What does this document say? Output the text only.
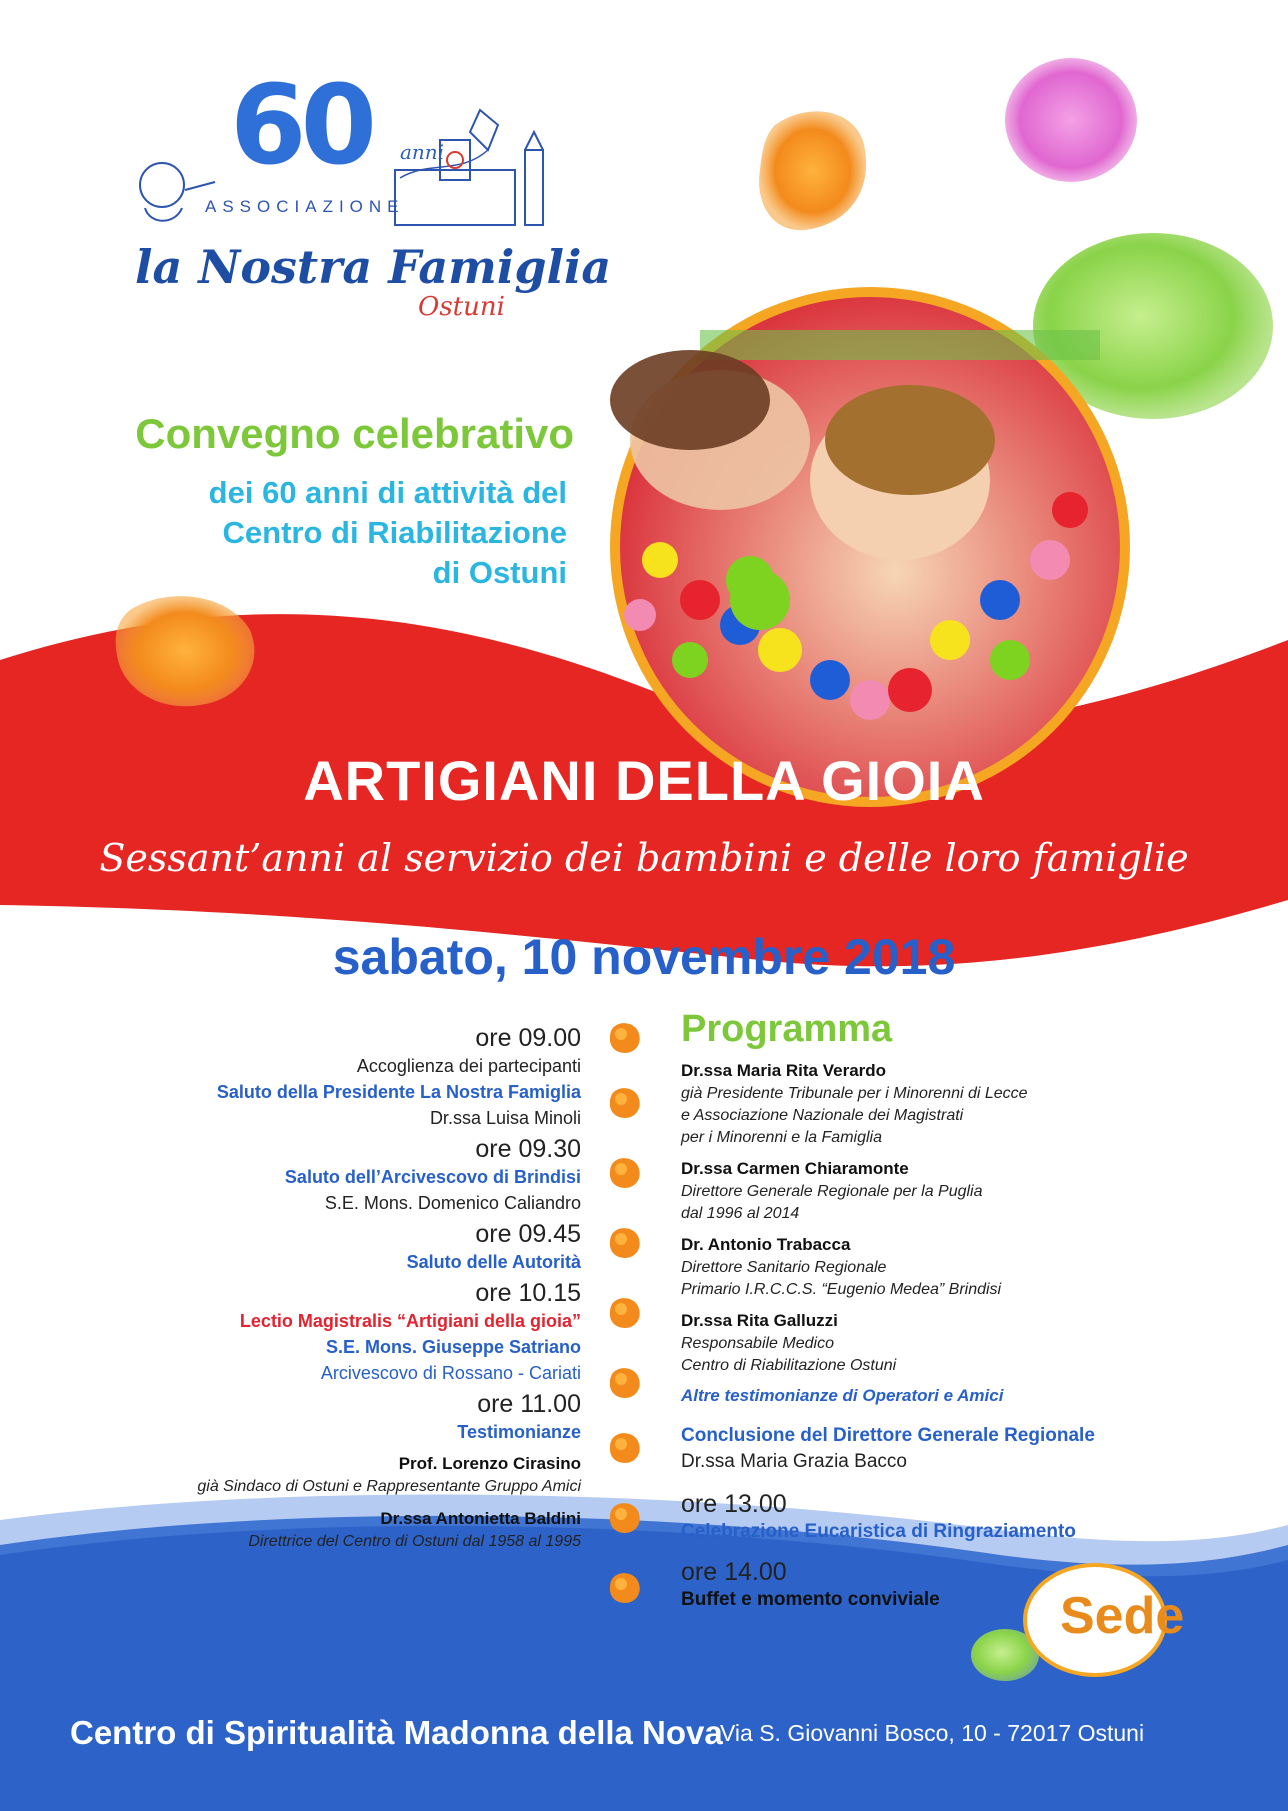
60 anni
ASSOCIAZIONE
la Nostra Famiglia
Ostuni
Convegno celebrativo
dei 60 anni di attività del
Centro di Riabilitazione
di Ostuni
ARTIGIANI DELLA GIOIA
Sessant’anni al servizio dei bambini e delle loro famiglie
sabato, 10 novembre 2018
ore 09.00
Accoglienza dei partecipanti
Saluto della Presidente La Nostra Famiglia
Dr.ssa Luisa Minoli
ore 09.30
Saluto dell’Arcivescovo di Brindisi
S.E. Mons. Domenico Caliandro
ore 09.45
Saluto delle Autorità
ore 10.15
Lectio Magistralis “Artigiani della gioia”
S.E. Mons. Giuseppe Satriano
Arcivescovo di Rossano - Cariati
ore 11.00
Testimonianze
Prof. Lorenzo Cirasino
già Sindaco di Ostuni e Rappresentante Gruppo Amici
Dr.ssa Antonietta Baldini
Direttrice del Centro di Ostuni dal 1958 al 1995
Programma
Dr.ssa Maria Rita Verardo
già Presidente Tribunale per i Minorenni di Lecce
e Associazione Nazionale dei Magistrati
per i Minorenni e la Famiglia
Dr.ssa Carmen Chiaramonte
Direttore Generale Regionale per la Puglia
dal 1996 al 2014
Dr. Antonio Trabacca
Direttore Sanitario Regionale
Primario I.R.C.C.S. “Eugenio Medea” Brindisi
Dr.ssa Rita Galluzzi
Responsabile Medico
Centro di Riabilitazione Ostuni
Altre testimonianze di Operatori e Amici
Conclusione del Direttore Generale Regionale
Dr.ssa Maria Grazia Bacco
ore 13.00
Celebrazione Eucaristica di Ringraziamento
ore 14.00
Buffet e momento conviviale	Sede
Centro di Spiritualità Madonna della Nova
Via S. Giovanni Bosco, 10 - 72017 Ostuni
